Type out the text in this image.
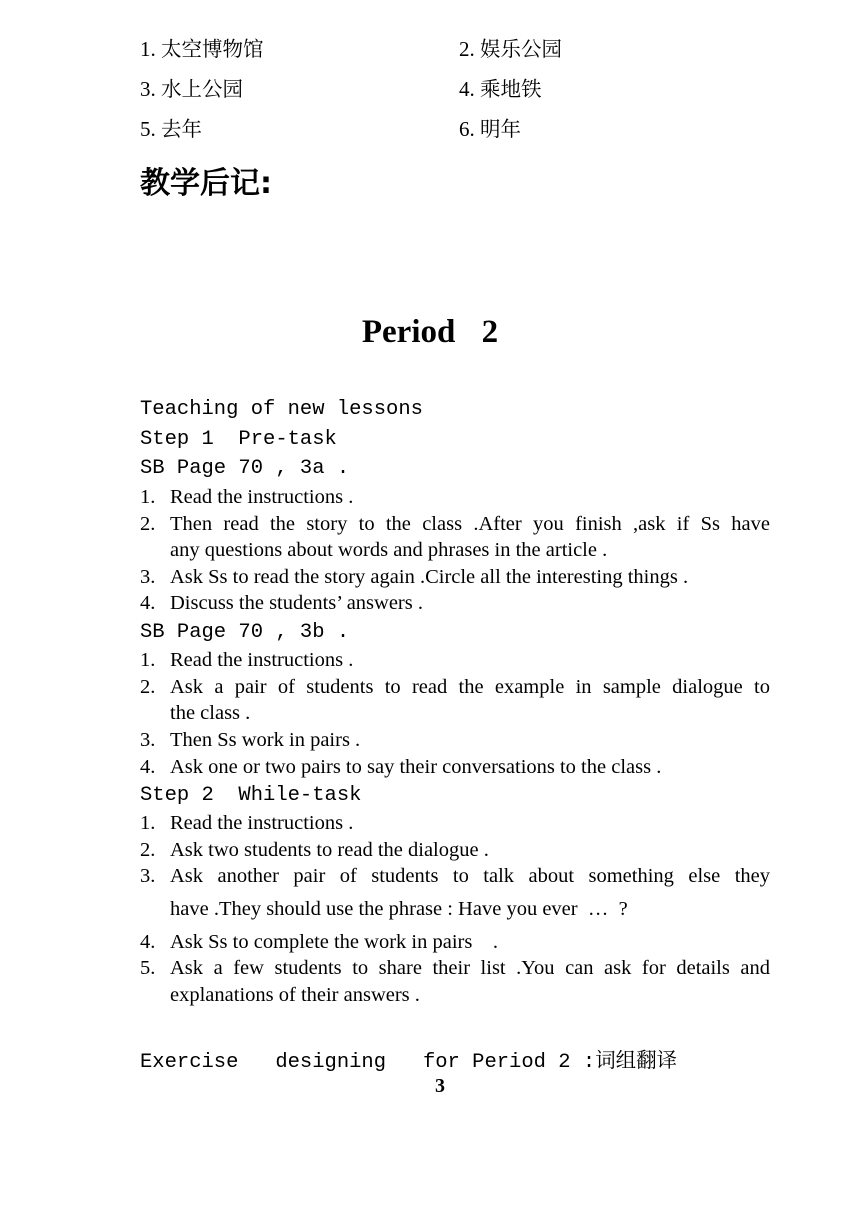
1. 太空博物馆	2. 娱乐公园
3. 水上公园	4. 乘地铁
5. 去年	6. 明年
教学后记:
Period 2
Teaching of new lessons
Step 1  Pre-task
SB Page 70 , 3a .
1. Read the instructions .
2. Then read the story to the class .After you finish ,ask if Ss have
any questions about words and phrases in the article .
3. Ask Ss to read the story again .Circle all the interesting things .
4. Discuss the students’ answers .
SB Page 70 , 3b .
1. Read the instructions .
2. Ask a pair of students to read the example in sample dialogue to
the class .
3. Then Ss work in pairs .
4. Ask one or two pairs to say their conversations to the class .
Step 2  While-task
1. Read the instructions .
2. Ask two students to read the dialogue .
3. Ask another pair of students to talk about something else they
have .They should use the phrase : Have you ever  …  ?
4. Ask Ss to complete the work in pairs    .
5. Ask a few students to share their list .You can ask for details and
explanations of their answers .
Exercise   designing   for Period 2 :词组翻译
3
